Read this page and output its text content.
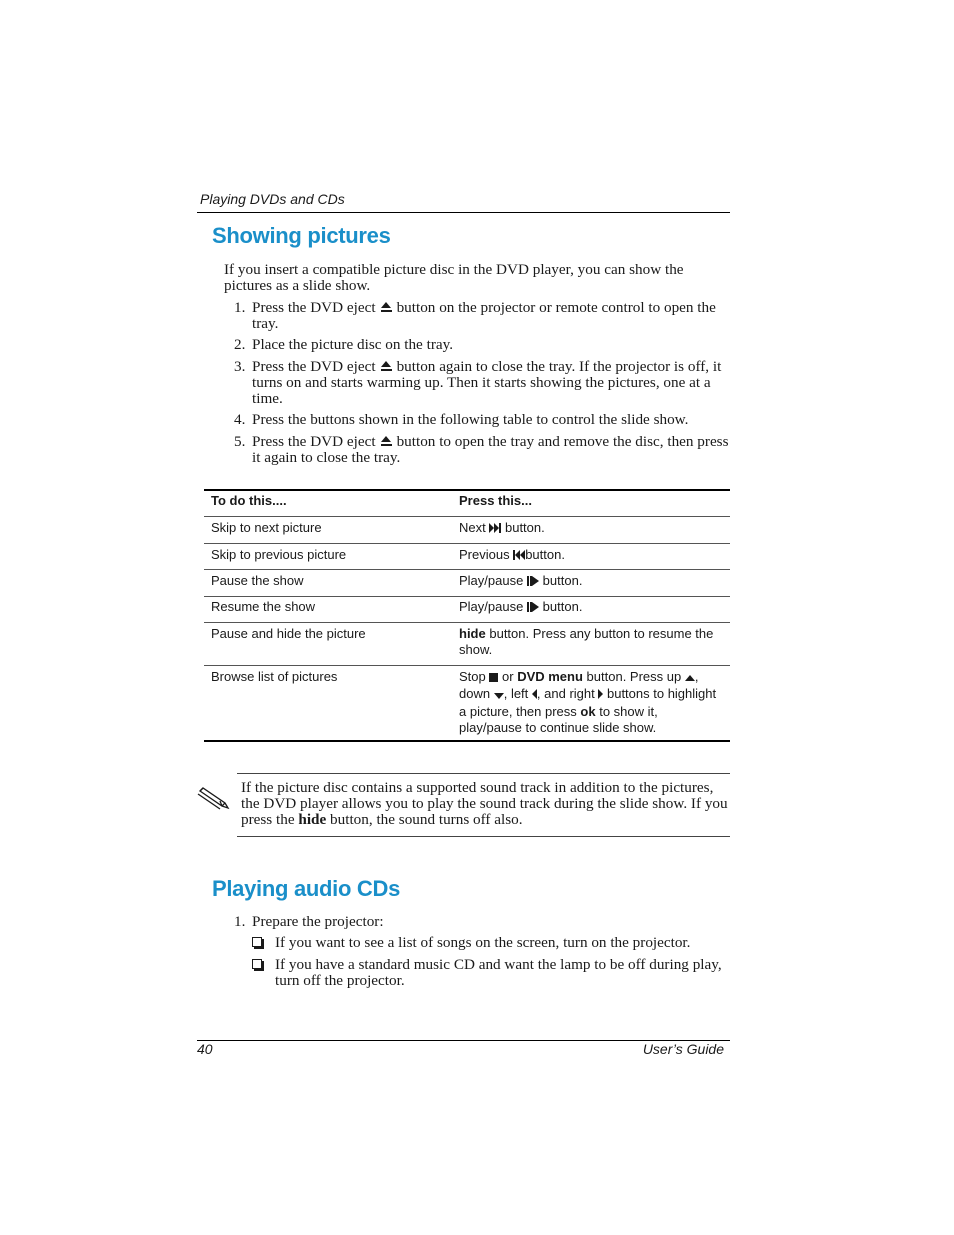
Playing DVDs and CDs
Showing pictures
If you insert a compatible picture disc in the DVD player, you can show the pictures as a slide show.
1. Press the DVD eject button on the projector or remote control to open the tray.
2. Place the picture disc on the tray.
3. Press the DVD eject button again to close the tray. If the projector is off, it turns on and starts warming up. Then it starts showing the pictures, one at a time.
4. Press the buttons shown in the following table to control the slide show.
5. Press the DVD eject button to open the tray and remove the disc, then press it again to close the tray.
To do this....	Press this...
Skip to next picture	Next button.
Skip to previous picture	Previous button.
Pause the show	Play/pause   button.
Resume the show	Play/pause   button.
Pause and hide the picture	hide button. Press any button to resume the show.
Browse list of pictures	Stop or DVD menu button. Press up , down , left , and right buttons to highlight a picture, then press ok to show it, play/pause to continue slide show.
If the picture disc contains a supported sound track in addition to the pictures, the DVD player allows you to play the sound track during the slide show. If you press the hide button, the sound turns off also.
Playing audio CDs
1. Prepare the projector:
If you want to see a list of songs on the screen, turn on the projector.
If you have a standard music CD and want the lamp to be off during play, turn off the projector.
40	User’s Guide
